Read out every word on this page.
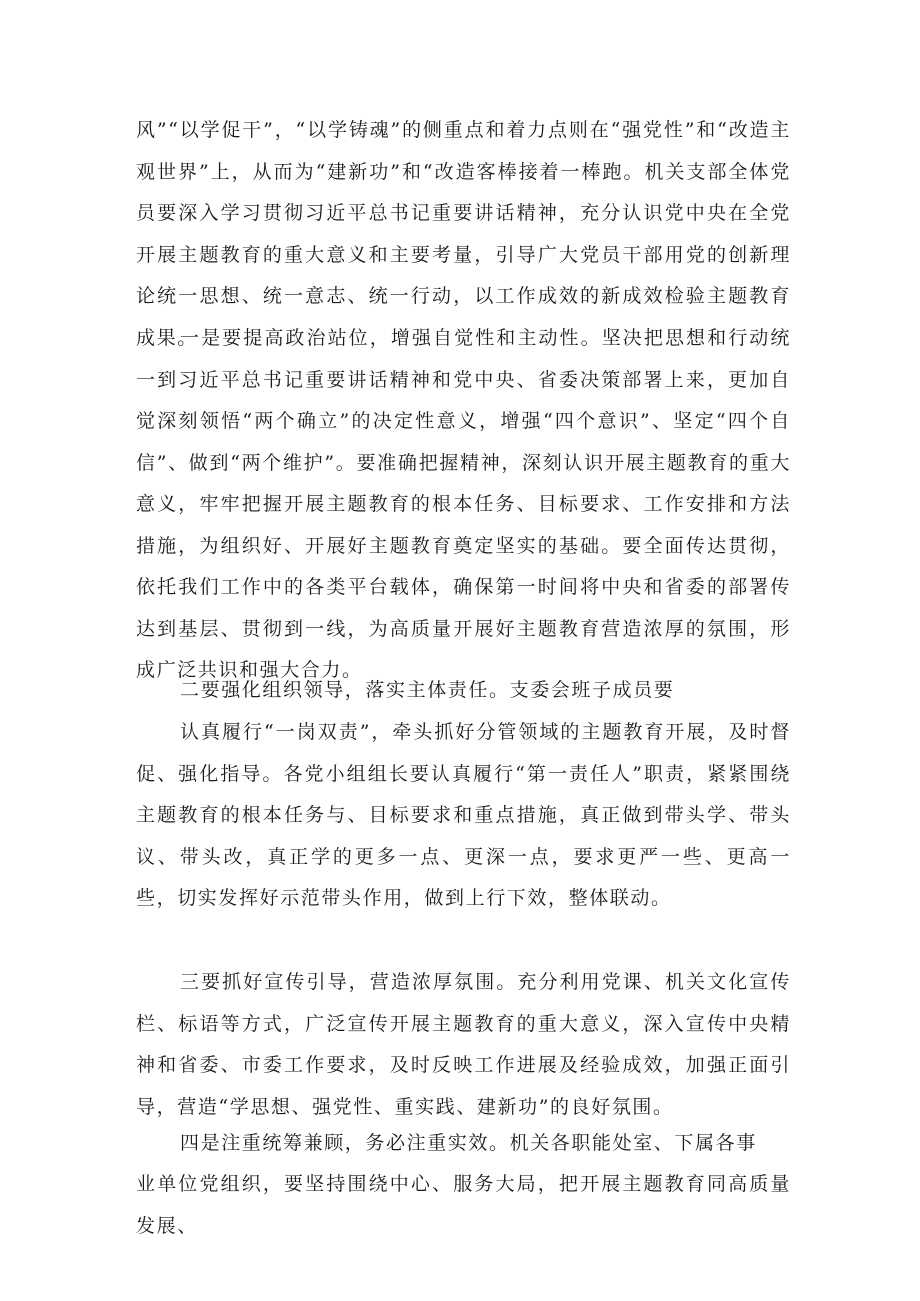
风”“以学促干”，“以学铸魂”的侧重点和着力点则在“强党性”和“改造主观世界”上，从而为“建新功”和“改造客棒接着一棒跑。机关支部全体党员要深入学习贯彻习近平总书记重要讲话精神，充分认识党中央在全党开展主题教育的重大意义和主要考量，引导广大党员干部用党的创新理论统一思想、统一意志、统一行动，以工作成效的新成效检验主题教育成果。

一是要提高政治站位，增强自觉性和主动性。坚决把思想和行动统一到习近平总书记重要讲话精神和党中央、省委决策部署上来，更加自觉深刻领悟“两个确立”的决定性意义，增强“四个意识”、坚定“四个自信”、做到“两个维护”。要准确把握精神，深刻认识开展主题教育的重大意义，牢牢把握开展主题教育的根本任务、目标要求、工作安排和方法措施，为组织好、开展好主题教育奠定坚实的基础。要全面传达贯彻，依托我们工作中的各类平台载体，确保第一时间将中央和省委的部署传达到基层、贯彻到一线，为高质量开展好主题教育营造浓厚的氛围，形成广泛共识和强大合力。

二要强化组织领导，落实主体责任。支委会班子成员要

认真履行“一岗双责”，牵头抓好分管领域的主题教育开展，及时督促、强化指导。各党小组组长要认真履行“第一责任人”职责，紧紧围绕主题教育的根本任务与、目标要求和重点措施，真正做到带头学、带头议、带头改，真正学的更多一点、更深一点，要求更严一些、更高一些，切实发挥好示范带头作用，做到上行下效，整体联动。

三要抓好宣传引导，营造浓厚氛围。充分利用党课、机关文化宣传栏、标语等方式，广泛宣传开展主题教育的重大意义，深入宣传中央精神和省委、市委工作要求，及时反映工作进展及经验成效，加强正面引导，营造“学思想、强党性、重实践、建新功”的良好氛围。

四是注重统筹兼顾，务必注重实效。机关各职能处室、下属各事

业单位党组织，要坚持围绕中心、服务大局，把开展主题教育同高质量发展、
